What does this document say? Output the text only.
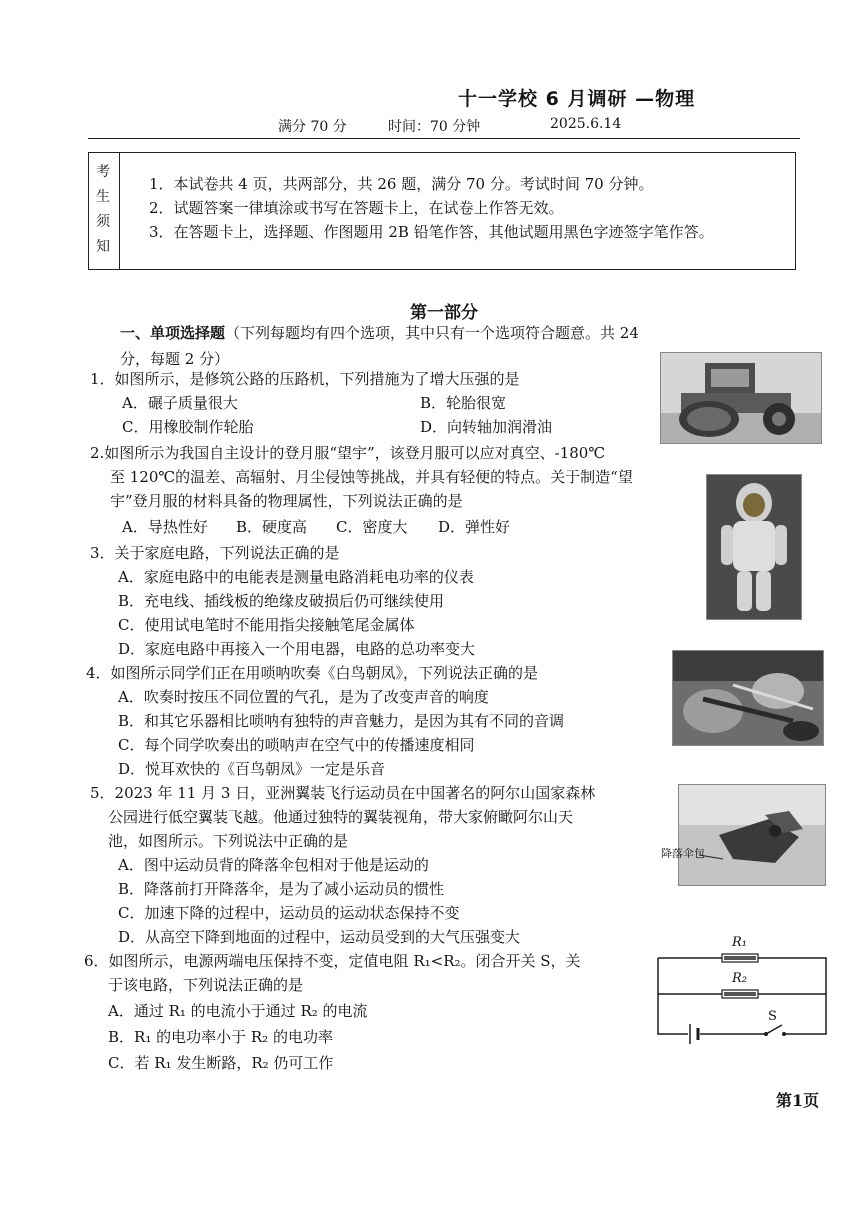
十一学校 6 月调研 —物理
满分 70 分	时间：70 分钟	2025.6.14
考
生
须
知
1．本试卷共 4 页，共两部分，共 26 题，满分 70 分。考试时间 70 分钟。
2．试题答案一律填涂或书写在答题卡上，在试卷上作答无效。
3．在答题卡上，选择题、作图题用 2B 铅笔作答，其他试题用黑色字迹签字笔作答。
第一部分
一、单项选择题（下列每题均有四个选项，其中只有一个选项符合题意。共 24 分，每题 2 分）
1．如图所示，是修筑公路的压路机，下列措施为了增大压强的是
A．碾子质量很大	B．轮胎很宽
C．用橡胶制作轮胎	D．向转轴加润滑油
2.如图所示为我国自主设计的登月服“望宇”，该登月服可以应对真空、-180℃
至 120℃的温差、高辐射、月尘侵蚀等挑战，并具有轻便的特点。关于制造“望
宇”登月服的材料具备的物理属性，下列说法正确的是
A．导热性好 B．硬度高 C．密度大 D．弹性好
3．关于家庭电路，下列说法正确的是
A．家庭电路中的电能表是测量电路消耗电功率的仪表
B．充电线、插线板的绝缘皮破损后仍可继续使用
C．使用试电笔时不能用指尖接触笔尾金属体
D．家庭电路中再接入一个用电器，电路的总功率变大
4．如图所示同学们正在用唢呐吹奏《白鸟朝凤》，下列说法正确的是
A．吹奏时按压不同位置的气孔，是为了改变声音的响度
B．和其它乐器相比唢呐有独特的声音魅力，是因为其有不同的音调
C．每个同学吹奏出的唢呐声在空气中的传播速度相同
D．悦耳欢快的《百鸟朝凤》一定是乐音
5．2023 年 11 月 3 日，亚洲翼装飞行运动员在中国著名的阿尔山国家森林
公园进行低空翼装飞越。他通过独特的翼装视角，带大家俯瞰阿尔山天
池，如图所示。下列说法中正确的是
A．图中运动员背的降落伞包相对于他是运动的
B．降落前打开降落伞，是为了减小运动员的惯性
C．加速下降的过程中，运动员的运动状态保持不变
D．从高空下降到地面的过程中，运动员受到的大气压强变大
6．如图所示，电源两端电压保持不变，定值电阻 R₁<R₂。闭合开关 S，关
于该电路，下列说法正确的是
A．通过 R₁ 的电流小于通过 R₂ 的电流
B．R₁ 的电功率小于 R₂ 的电功率
C．若 R₁ 发生断路，R₂ 仍可工作
降落伞包
R₁
R₂
S
第1页
